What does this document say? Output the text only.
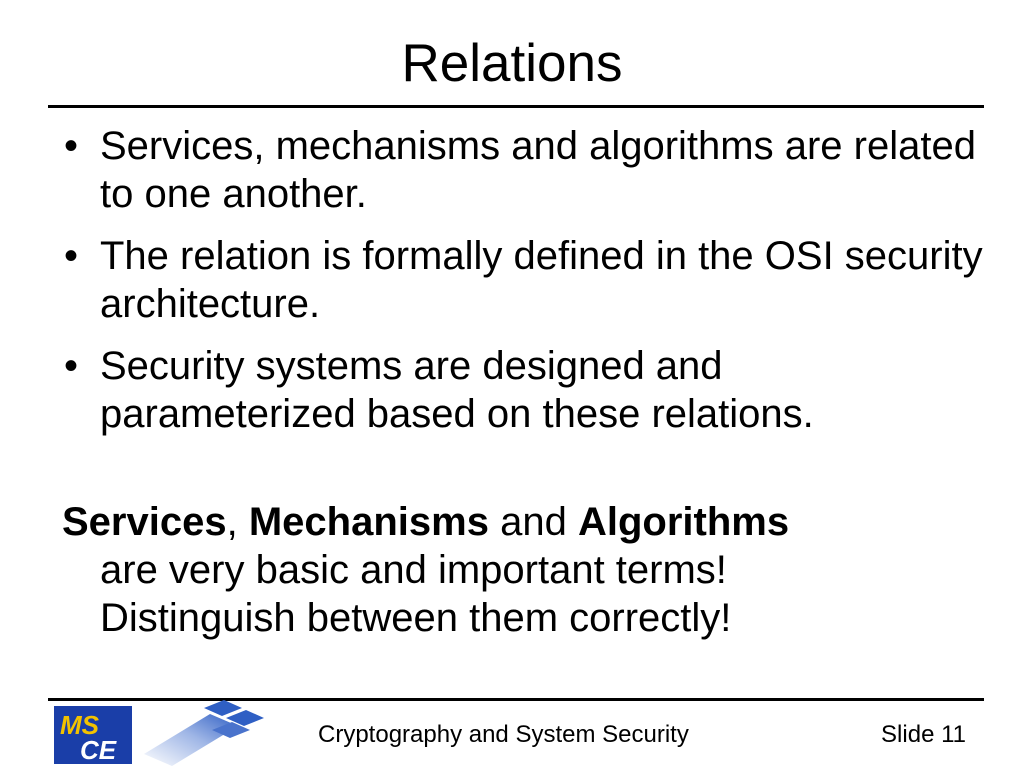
Relations
• Services, mechanisms and algorithms are related to one another.
• The relation is formally defined in the OSI security architecture.
• Security systems are designed and parameterized based on these relations.
Services, Mechanisms and Algorithms
are very basic and important terms!
Distinguish between them correctly!
MS
CE
Cryptography and System Security	Slide 11
